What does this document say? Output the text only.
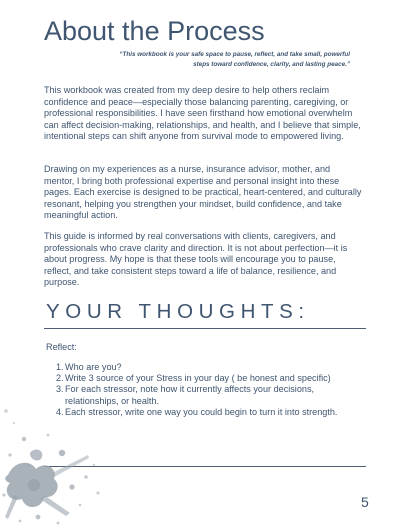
About the Process

“This workbook is your safe space to pause, reflect, and take small, powerful
steps toward confidence, clarity, and lasting peace.”

This workbook was created from my deep desire to help others reclaim confidence and peace—especially those balancing parenting, caregiving, or professional responsibilities. I have seen firsthand how emotional overwhelm can affect decision-making, relationships, and health, and I believe that simple, intentional steps can shift anyone from survival mode to empowered living.

Drawing on my experiences as a nurse, insurance advisor, mother, and mentor, I bring both professional expertise and personal insight into these pages. Each exercise is designed to be practical, heart-centered, and culturally resonant, helping you strengthen your mindset, build confidence, and take meaningful action.

This guide is informed by real conversations with clients, caregivers, and professionals who crave clarity and direction. It is not about perfection—it is about progress. My hope is that these tools will encourage you to pause, reflect, and take consistent steps toward a life of balance, resilience, and purpose.

YOUR THOUGHTS:

Reflect:

1. Who are you?
2. Write 3 source of your Stress in your day ( be honest and specific)
3. For each stressor, note how it currently affects your decisions, relationships, or health.
4. Each stressor, write one way you could begin to turn it into strength.

5
